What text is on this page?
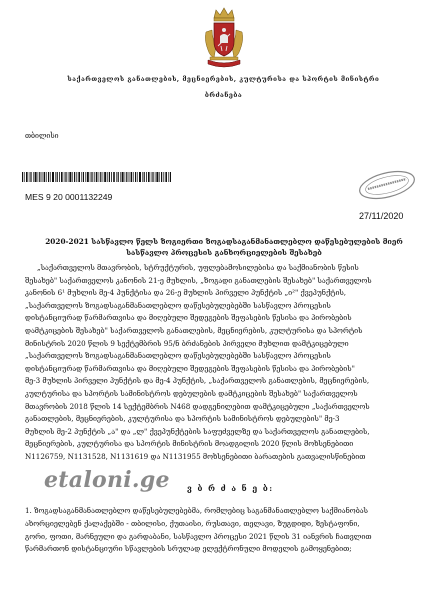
საქართველოს განათლების, მეცნიერების, კულტურისა და სპორტის მინისტრი
ბრძანება
თბილისი
MES 9 20 0001132249
27/11/2020
2020-2021 სასწავლო წელს ზოგიერთი ზოგადსაგანმანათლებლო დაწესებულების მიერ
სასწავლო პროცესის განხორციელების შესახებ
„საქართველოს მთავრობის, სტრუქტურის, უფლებამოსილებისა და საქმიანობის წესის
შესახებ" საქართველოს კანონის 21-ე მუხლის, „ზოგადი განათლების შესახებ" საქართველოს
კანონის 6¹ მუხლის მე-4 პუნქტისა და 26-ე მუხლის პირველი პუნქტის „ი²" ქვეპუნქტის,
„საქართველოს ზოგადსაგანმანათლებლო დაწესებულებებში სასწავლო პროცესის
დისტანციურად წარმართვისა და მიღებული შედეგების შეფასების წესისა და პირობების
დამტკიცების შესახებ" საქართველოს განათლების, მეცნიერების, კულტურისა და სპორტის
მინისტრის 2020 წლის 9 სექტემბრის 95/ნ ბრძანების პირველი მუხლით დამტკიცებული
„საქართველოს ზოგადსაგანმანათლებლო დაწესებულებებში სასწავლო პროცესის
დისტანციურად წარმართვისა და მიღებული შედეგების შეფასების წესისა და პირობების"
მე-3 მუხლის პირველი პუნქტის და მე-4 პუნქტის, „საქართველოს განათლების, მეცნიერების,
კულტურისა და სპორტის სამინისტროს დებულების დამტკიცების შესახებ" საქართველოს
მთავრობის 2018 წლის 14 სექტემბრის N468 დადგენილებით დამტკიცებული „საქართველოს
განათლების, მეცნიერების, კულტურისა და სპორტის სამინისტროს დებულების" მე-3
მუხლის მე-2 პუნქტის „ა" და „ლ" ქვეპუნქტების საფუძველზე და საქართველოს განათლების,
მეცნიერების, კულტურისა და სპორტის მინისტრის მოადგილის 2020 წლის მოხსენებითი
N1126759, N1131528, N1131619 და N1131955 მოხსენებითი ბარათების გათვალისწინებით
etaloni.ge ვ ბ რ ძ ა ნ ე ბ:
1. ზოგადსაგანმანათლებლო დაწესებულებებმა, რომლებიც საგანმანათლებლო საქმიანობას
ახორციელებენ ქალაქებში - თბილისი, ქუთაისი, რუსთავი, თელავი, ზუგდიდი, ზესტაფონი,
გორი, ფოთი, მარნეული და გარდაბანი, სასწავლო პროცესი 2021 წლის 31 იანვრის ჩათვლით
წარმართონ დისტანციური სწავლების სრულად ელექტრონული მოდელის გამოყენებით;
